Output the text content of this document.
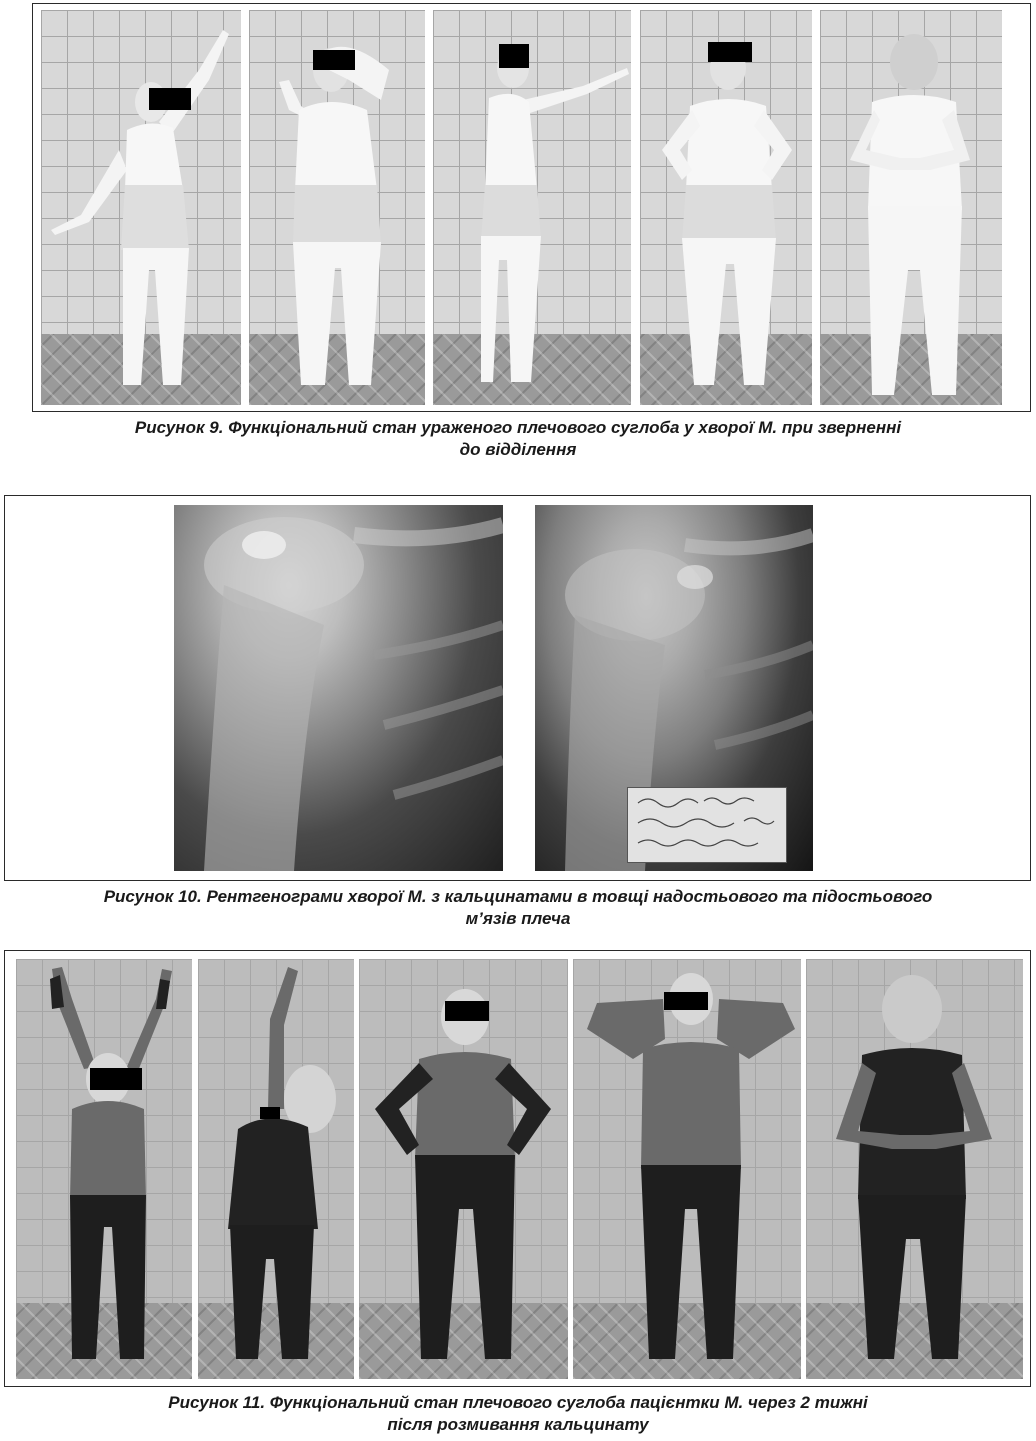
Рисунок 9. Функціональний стан ураженого плечового суглоба у хворої М. при зверненні
до відділення
Рисунок 10. Рентгенограми хворої М. з кальцинатами в товщі надостьового та підостьового
м’язів плеча
Рисунок 11. Функціональний стан плечового суглоба пацієнтки М. через 2 тижні
після розмивання кальцинату
